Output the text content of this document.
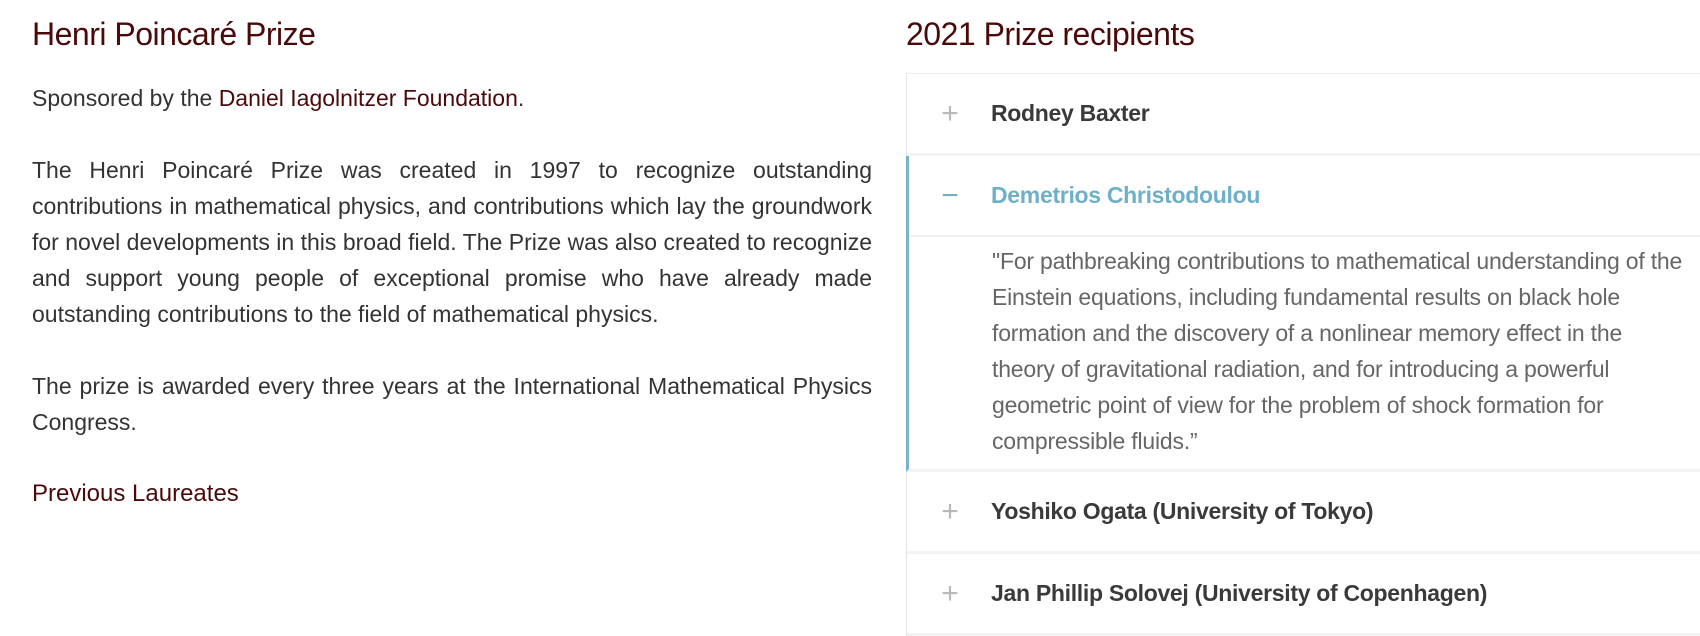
Henri Poincaré Prize

Sponsored by the Daniel Iagolnitzer Foundation.

The Henri Poincaré Prize was created in 1997 to recognize outstanding contributions in mathematical physics, and contributions which lay the groundwork for novel developments in this broad field. The Prize was also created to recognize and support young people of exceptional promise who have already made outstanding contributions to the field of mathematical physics.

The prize is awarded every three years at the International Mathematical Physics Congress.

Previous Laureates
2021 Prize recipients
+ Rodney Baxter
− Demetrios Christodoulou
"For pathbreaking contributions to mathematical understanding of the Einstein equations, including fundamental results on black hole formation and the discovery of a nonlinear memory effect in the theory of gravitational radiation, and for introducing a powerful geometric point of view for the problem of shock formation for compressible fluids.”
+ Yoshiko Ogata (University of Tokyo)
+ Jan Phillip Solovej (University of Copenhagen)
